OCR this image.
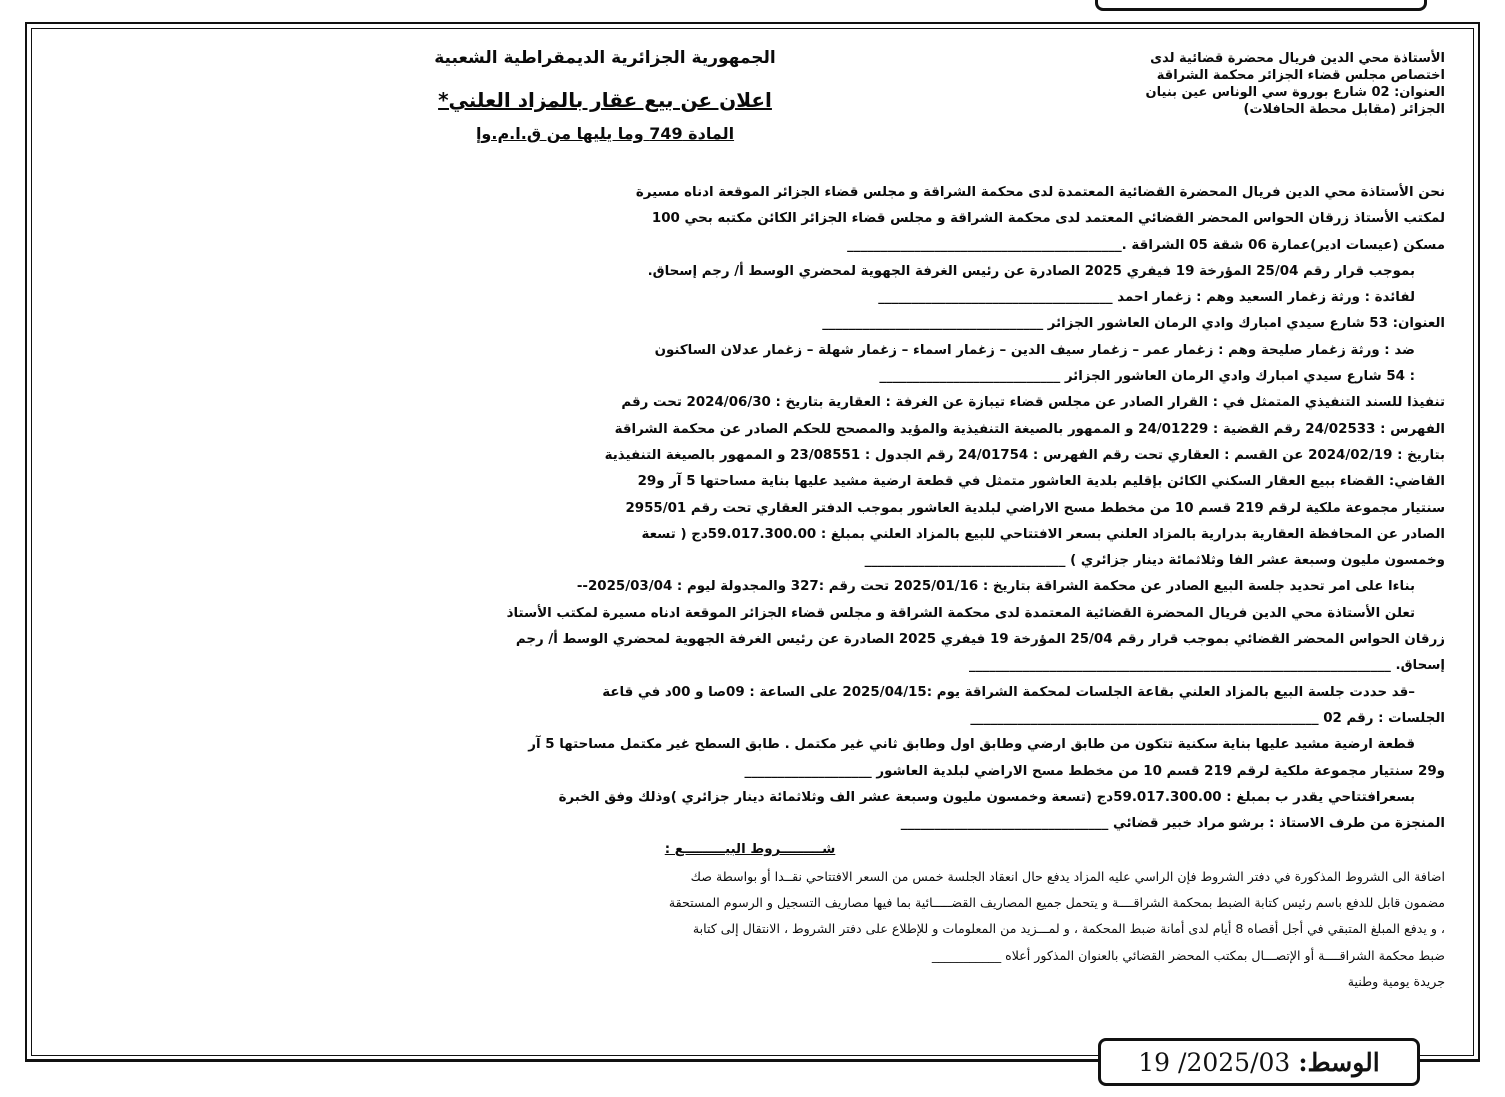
الأستاذة محي الدين فريال محضرة قضائية لدى
اختصاص مجلس قضاء الجزائر محكمة الشراقة
العنوان: 02 شارع بوروة سي الوناس عين بنيان
الجزائر (مقابل محطة الحافلات)
الجمهورية الجزائرية الديمقراطية الشعبية
اعلان عن بيع عقار بالمزاد العلني*
المادة 749 وما يليها من ق.ا.م.وإ
نحن الأستاذة محي الدين فريال المحضرة القضائية المعتمدة لدى محكمة الشراقة و مجلس قضاء الجزائر الموقعة ادناه مسيرة
لمكتب الأستاذ زرقان الحواس المحضر القضائي المعتمد لدى محكمة الشراقة و مجلس قضاء الجزائر الكائن مكتبه بحي 100
مسكن (عيسات ادير)عمارة 06 شقة 05 الشراقة ._________________________________________
بموجب قرار رقم 25/04 المؤرخة 19 فيفري 2025 الصادرة عن رئيس الغرفة الجهوية لمحضري الوسط أ/ رجم إسحاق.
لفائدة : ورثة زغمار السعيد وهم : زغمار احمد ___________________________________
العنوان: 53 شارع سيدي امبارك وادي الرمان العاشور الجزائر _________________________________
ضد : ورثة زغمار صليحة وهم : زغمار عمر – زغمار سيف الدين – زغمار اسماء – زغمار شهلة – زغمار عدلان الساكنون
: 54 شارع سيدي امبارك وادي الرمان العاشور الجزائر ___________________________
تنفيذا للسند التنفيذي المتمثل في : القرار الصادر عن مجلس قضاء تيبازة عن الغرفة : العقارية بتاريخ : 2024/06/30 تحت رقم
الفهرس : 24/02533 رقم القضية : 24/01229 و الممهور بالصيغة التنفيذية والمؤيد والمصحح للحكم الصادر عن محكمة الشراقة
بتاريخ : 2024/02/19 عن القسم : العقاري تحت رقم الفهرس : 24/01754 رقم الجدول : 23/08551 و الممهور بالصيغة التنفيذية
القاضي: القضاء ببيع العقار السكني الكائن بإقليم بلدية العاشور متمثل في قطعة ارضية مشيد عليها بناية مساحتها 5 آر و29
سنتيار مجموعة ملكية لرقم 219 قسم 10 من مخطط مسح الاراضي لبلدية العاشور بموجب الدفتر العقاري تحت رقم 2955/01
الصادر عن المحافظة العقارية بدرارية بالمزاد العلني بسعر الافتتاحي للبيع بالمزاد العلني بمبلغ : 59.017.300.00دج ( تسعة
وخمسون مليون وسبعة عشر الفا وثلاثمائة دينار جزائري ) ______________________________
بناءا على امر تحديد جلسة البيع الصادر عن محكمة الشراقة بتاريخ : 2025/01/16 تحت رقم :327 والمجدولة ليوم : 2025/03/04--
تعلن الأستاذة محي الدين فريال المحضرة القضائية المعتمدة لدى محكمة الشراقة و مجلس قضاء الجزائر الموقعة ادناه مسيرة لمكتب الأستاذ
زرقان الحواس المحضر القضائي بموجب قرار رقم 25/04 المؤرخة 19 فيفري 2025 الصادرة عن رئيس الغرفة الجهوية لمحضري الوسط أ/ رجم
إسحاق. _______________________________________________________________
–قد حددت جلسة البيع بالمزاد العلني بقاعة الجلسات لمحكمة الشراقة يوم :2025/04/15 على الساعة : 09صا و 00د في قاعة
الجلسات : رقم 02 ____________________________________________________
قطعة ارضية مشيد عليها بناية سكنية تتكون من طابق ارضي وطابق اول وطابق ثاني غير مكتمل . طابق السطح غير مكتمل مساحتها 5 آر
و29 سنتيار مجموعة ملكية لرقم 219 قسم 10 من مخطط مسح الاراضي لبلدية العاشور ___________________
بسعرافتتاحي يقدر ب بمبلغ : 59.017.300.00دج (تسعة وخمسون مليون وسبعة عشر الف وثلاثمائة دينار جزائري )وذلك وفق الخبرة
المنجزة من طرف الاستاذ : برشو مراد خبير قضائي _______________________________
شـــــــــروط البيـــــــــع :
اضافة الى الشروط المذكورة في دفتر الشروط فإن الراسي عليه المزاد يدفع حال انعقاد الجلسة خمس من السعر الافتتاحي نقــدا أو بواسطة صك
مضمون قابل للدفع باسم رئيس كتابة الضبط بمحكمة الشراقــــة و يتحمل جميع المصاريف القضـــــائية بما فيها مصاريف التسجيل و الرسوم المستحقة
، و يدفع المبلغ المتبقي في أجل أقصاه 8 أيام لدى أمانة ضبط المحكمة ، و لمـــزيد من المعلومات و للإطلاع على دفتر الشروط ، الانتقال إلى كتابة
ضبط محكمة الشراقــــة أو الإتصـــال بمكتب المحضر القضائي بالعنوان المذكور أعلاه ___________
جريدة يومية وطنية
الوسط:
19 /2025/03
